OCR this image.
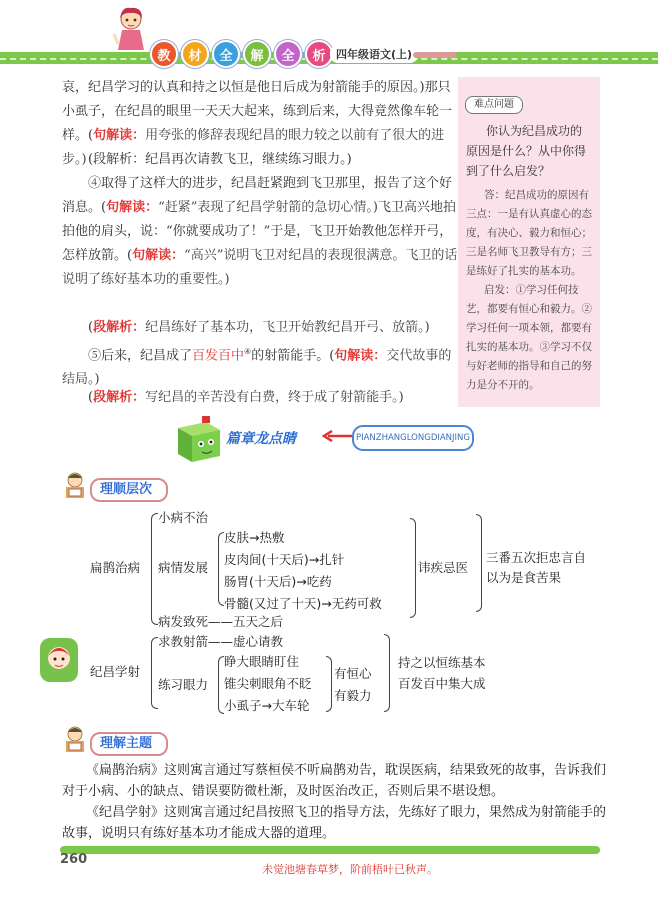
教	材	全	解	全	析 四年级语文(上)
哀，纪昌学习的认真和持之以恒是他日后成为射箭能手的原因。)那只小虱子，在纪昌的眼里一天天大起来，练到后来，大得竟然像车轮一样。(句解读：用夸张的修辞表现纪昌的眼力较之以前有了很大的进步。) (段解析：纪昌再次请教飞卫，继续练习眼力。)
④取得了这样大的进步，纪昌赶紧跑到飞卫那里，报告了这个好消息。(句解读：“赶紧”表现了纪昌学射箭的急切心情。)飞卫高兴地拍拍他的肩头，说：“你就要成功了！”于是，飞卫开始教他怎样开弓，怎样放箭。(句解读：“高兴”说明飞卫对纪昌的表现很满意。飞卫的话说明了练好基本功的重要性。)
(段解析：纪昌练好了基本功，飞卫开始教纪昌开弓、放箭。)
⑤后来，纪昌成了百发百中④的射箭能手。(句解读：交代故事的结局。)
(段解析：写纪昌的辛苦没有白费，终于成了射箭能手。)
难点问题
你认为纪昌成功的原因是什么？从中你得到了什么启发？
答：纪昌成功的原因有三点：一是有认真虚心的态度，有决心、毅力和恒心；三是名师飞卫教导有方；三是练好了扎实的基本功。
启发：①学习任何技艺，都要有恒心和毅力。②学习任何一项本领，都要有扎实的基本功。③学习不仅与好老师的指导和自己的努力是分不开的。
篇章龙点睛	PIANZHANGLONGDIANJING
理顺层次
扁鹊治病
小病不治
病情发展
病发致死——五天之后
皮肤→热敷
皮肉间(十天后)→扎针
肠胃(十天后)→吃药
骨髓(又过了十天)→无药可救
讳疾忌医
三番五次拒忠言自以为是食苦果
纪昌学射
求教射箭——虚心请教
练习眼力
睁大眼睛盯住
锥尖刺眼角不眨
小虱子→大车轮
有恒心
有毅力
持之以恒练基本百发百中集大成
理解主题
《扁鹊治病》这则寓言通过写蔡桓侯不听扁鹊劝告，耽误医病，结果致死的故事，告诉我们对于小病、小的缺点、错误要防微杜渐，及时医治改正，否则后果不堪设想。
《纪昌学射》这则寓言通过纪昌按照飞卫的指导方法，先练好了眼力，果然成为射箭能手的故事，说明只有练好基本功才能成大器的道理。
260
未觉池塘春草梦，阶前梧叶已秋声。
